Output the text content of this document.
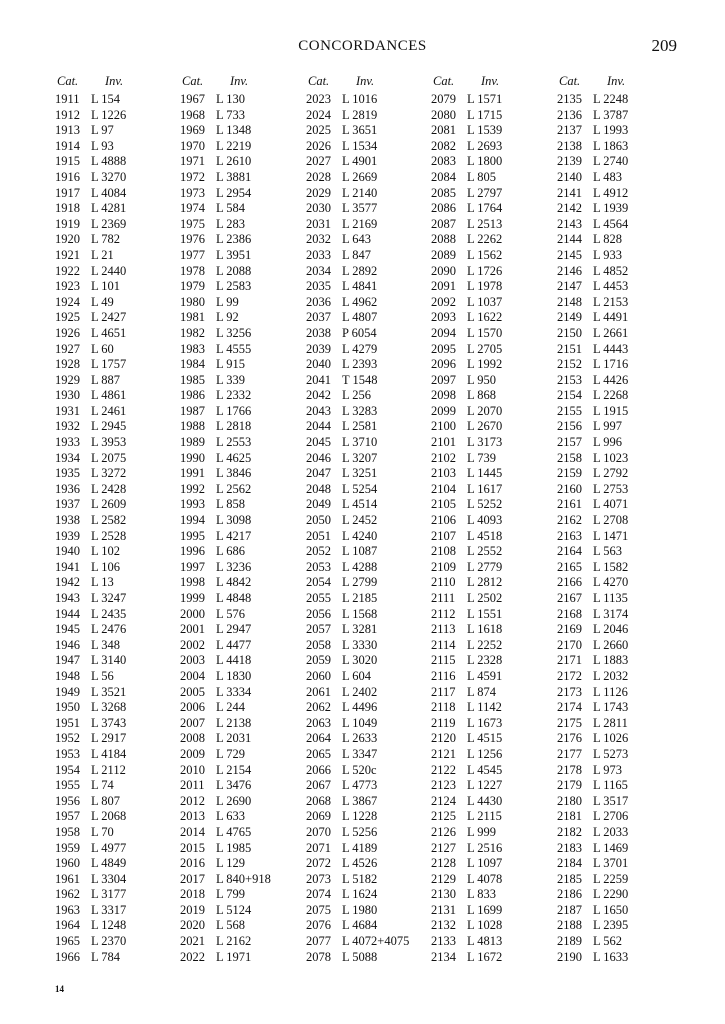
CONCORDANCES	209
Cat.	Inv.
1911 L 154
1912 L 1226
1913 L 97
1914 L 93
1915 L 4888
1916 L 3270
1917 L 4084
1918 L 4281
1919 L 2369
1920 L 782
1921 L 21
1922 L 2440
1923 L 101
1924 L 49
1925 L 2427
1926 L 4651
1927 L 60
1928 L 1757
1929 L 887
1930 L 4861
1931 L 2461
1932 L 2945
1933 L 3953
1934 L 2075
1935 L 3272
1936 L 2428
1937 L 2609
1938 L 2582
1939 L 2528
1940 L 102
1941 L 106
1942 L 13
1943 L 3247
1944 L 2435
1945 L 2476
1946 L 348
1947 L 3140
1948 L 56
1949 L 3521
1950 L 3268
1951 L 3743
1952 L 2917
1953 L 4184
1954 L 2112
1955 L 74
1956 L 807
1957 L 2068
1958 L 70
1959 L 4977
1960 L 4849
1961 L 3304
1962 L 3177
1963 L 3317
1964 L 1248
1965 L 2370
1966 L 784
Cat.	Inv.
1967 L 130
1968 L 733
1969 L 1348
1970 L 2219
1971 L 2610
1972 L 3881
1973 L 2954
1974 L 584
1975 L 283
1976 L 2386
1977 L 3951
1978 L 2088
1979 L 2583
1980 L 99
1981 L 92
1982 L 3256
1983 L 4555
1984 L 915
1985 L 339
1986 L 2332
1987 L 1766
1988 L 2818
1989 L 2553
1990 L 4625
1991 L 3846
1992 L 2562
1993 L 858
1994 L 3098
1995 L 4217
1996 L 686
1997 L 3236
1998 L 4842
1999 L 4848
2000 L 576
2001 L 2947
2002 L 4477
2003 L 4418
2004 L 1830
2005 L 3334
2006 L 244
2007 L 2138
2008 L 2031
2009 L 729
2010 L 2154
2011 L 3476
2012 L 2690
2013 L 633
2014 L 4765
2015 L 1985
2016 L 129
2017 L 840+918
2018 L 799
2019 L 5124
2020 L 568
2021 L 2162
2022 L 1971
Cat.	Inv.
2023 L 1016
2024 L 2819
2025 L 3651
2026 L 1534
2027 L 4901
2028 L 2669
2029 L 2140
2030 L 3577
2031 L 2169
2032 L 643
2033 L 847
2034 L 2892
2035 L 4841
2036 L 4962
2037 L 4807
2038 P 6054
2039 L 4279
2040 L 2393
2041 T 1548
2042 L 256
2043 L 3283
2044 L 2581
2045 L 3710
2046 L 3207
2047 L 3251
2048 L 5254
2049 L 4514
2050 L 2452
2051 L 4240
2052 L 1087
2053 L 4288
2054 L 2799
2055 L 2185
2056 L 1568
2057 L 3281
2058 L 3330
2059 L 3020
2060 L 604
2061 L 2402
2062 L 4496
2063 L 1049
2064 L 2633
2065 L 3347
2066 L 520c
2067 L 4773
2068 L 3867
2069 L 1228
2070 L 5256
2071 L 4189
2072 L 4526
2073 L 5182
2074 L 1624
2075 L 1980
2076 L 4684
2077 L 4072+4075
2078 L 5088
Cat.	Inv.
2079 L 1571
2080 L 1715
2081 L 1539
2082 L 2693
2083 L 1800
2084 L 805
2085 L 2797
2086 L 1764
2087 L 2513
2088 L 2262
2089 L 1562
2090 L 1726
2091 L 1978
2092 L 1037
2093 L 1622
2094 L 1570
2095 L 2705
2096 L 1992
2097 L 950
2098 L 868
2099 L 2070
2100 L 2670
2101 L 3173
2102 L 739
2103 L 1445
2104 L 1617
2105 L 5252
2106 L 4093
2107 L 4518
2108 L 2552
2109 L 2779
2110 L 2812
2111 L 2502
2112 L 1551
2113 L 1618
2114 L 2252
2115 L 2328
2116 L 4591
2117 L 874
2118 L 1142
2119 L 1673
2120 L 4515
2121 L 1256
2122 L 4545
2123 L 1227
2124 L 4430
2125 L 2115
2126 L 999
2127 L 2516
2128 L 1097
2129 L 4078
2130 L 833
2131 L 1699
2132 L 1028
2133 L 4813
2134 L 1672
Cat.	Inv.
2135 L 2248
2136 L 3787
2137 L 1993
2138 L 1863
2139 L 2740
2140 L 483
2141 L 4912
2142 L 1939
2143 L 4564
2144 L 828
2145 L 933
2146 L 4852
2147 L 4453
2148 L 2153
2149 L 4491
2150 L 2661
2151 L 4443
2152 L 1716
2153 L 4426
2154 L 2268
2155 L 1915
2156 L 997
2157 L 996
2158 L 1023
2159 L 2792
2160 L 2753
2161 L 4071
2162 L 2708
2163 L 1471
2164 L 563
2165 L 1582
2166 L 4270
2167 L 1135
2168 L 3174
2169 L 2046
2170 L 2660
2171 L 1883
2172 L 2032
2173 L 1126
2174 L 1743
2175 L 2811
2176 L 1026
2177 L 5273
2178 L 973
2179 L 1165
2180 L 3517
2181 L 2706
2182 L 2033
2183 L 1469
2184 L 3701
2185 L 2259
2186 L 2290
2187 L 1650
2188 L 2395
2189 L 562
2190 L 1633
14
